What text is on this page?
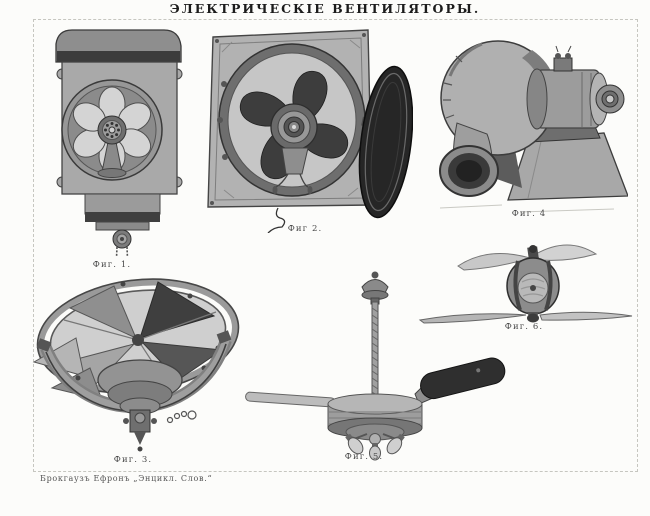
ЭЛЕКТРИЧЕСКІЕ ВЕНТИЛЯТОРЫ.
Фиг. 1.
Фиг 2.
Фиг. 4
Фиг. 3.	Фиг. 5.
Фиг. 6.
Брокгаузъ Ефронъ „Энцикл. Слов.“
